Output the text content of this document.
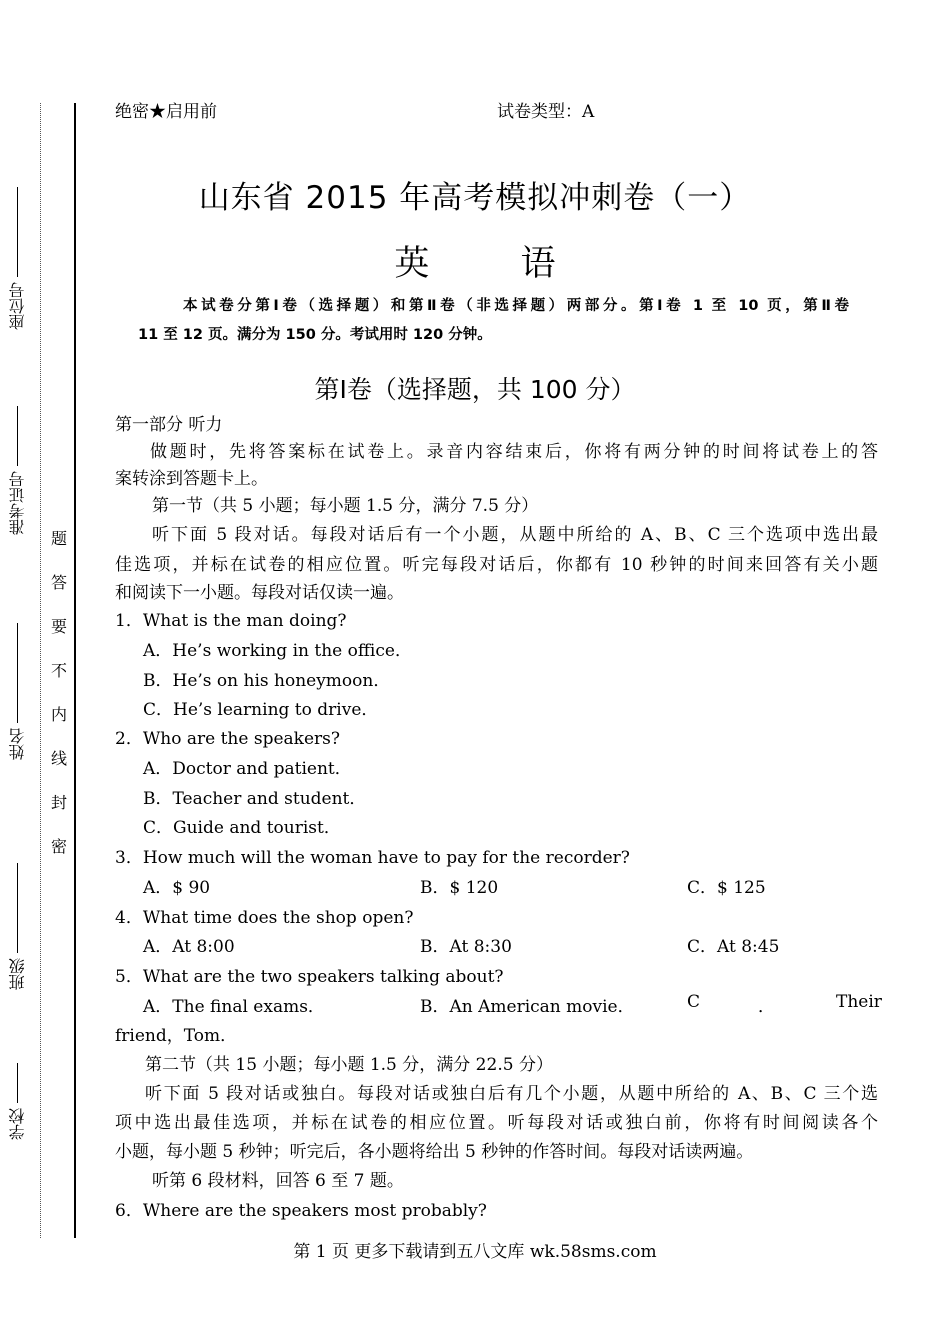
座位号
准考证号
姓名
班级
学校
题
答
要
不
内
线
封
密
绝密★启用前	试卷类型：A
山东省 2015 年高考模拟冲刺卷（一）
英 语
本试卷分第Ⅰ卷（选择题）和第Ⅱ卷（非选择题）两部分。第Ⅰ卷 1 至 10 页，第Ⅱ卷
11 至 12 页。满分为 150 分。考试用时 120 分钟。
第Ⅰ卷（选择题，共 100 分）
第一部分 听力
做题时，先将答案标在试卷上。录音内容结束后，你将有两分钟的时间将试卷上的答
案转涂到答题卡上。
第一节（共 5 小题；每小题 1.5 分，满分 7.5 分）
听下面 5 段对话。每段对话后有一个小题，从题中所给的 A、B、C 三个选项中选出最
佳选项，并标在试卷的相应位置。听完每段对话后，你都有 10 秒钟的时间来回答有关小题
和阅读下一小题。每段对话仅读一遍。
1．What is the man doing?
A．He’s working in the office．
B．He’s on his honeymoon．
C．He’s learning to drive．
2．Who are the speakers?
A．Doctor and patient．
B．Teacher and student．
C．Guide and tourist．
3．How much will the woman have to pay for the recorder?
A．$ 90	B．$ 120	C．$ 125
4．What time does the shop open?
A．At 8:00	B．At 8:30	C．At 8:45
5．What are the two speakers talking about?
A．The final exams．	B．An American movie．	C	．	Their
friend，Tom．
第二节（共 15 小题；每小题 1.5 分，满分 22.5 分）
听下面 5 段对话或独白。每段对话或独白后有几个小题，从题中所给的 A、B、C 三个选
项中选出最佳选项，并标在试卷的相应位置。听每段对话或独白前，你将有时间阅读各个
小题，每小题 5 秒钟；听完后，各小题将给出 5 秒钟的作答时间。每段对话读两遍。
听第 6 段材料，回答 6 至 7 题。
6．Where are the speakers most probably?
第 1 页 更多下载请到五八文库 wk.58sms.com
